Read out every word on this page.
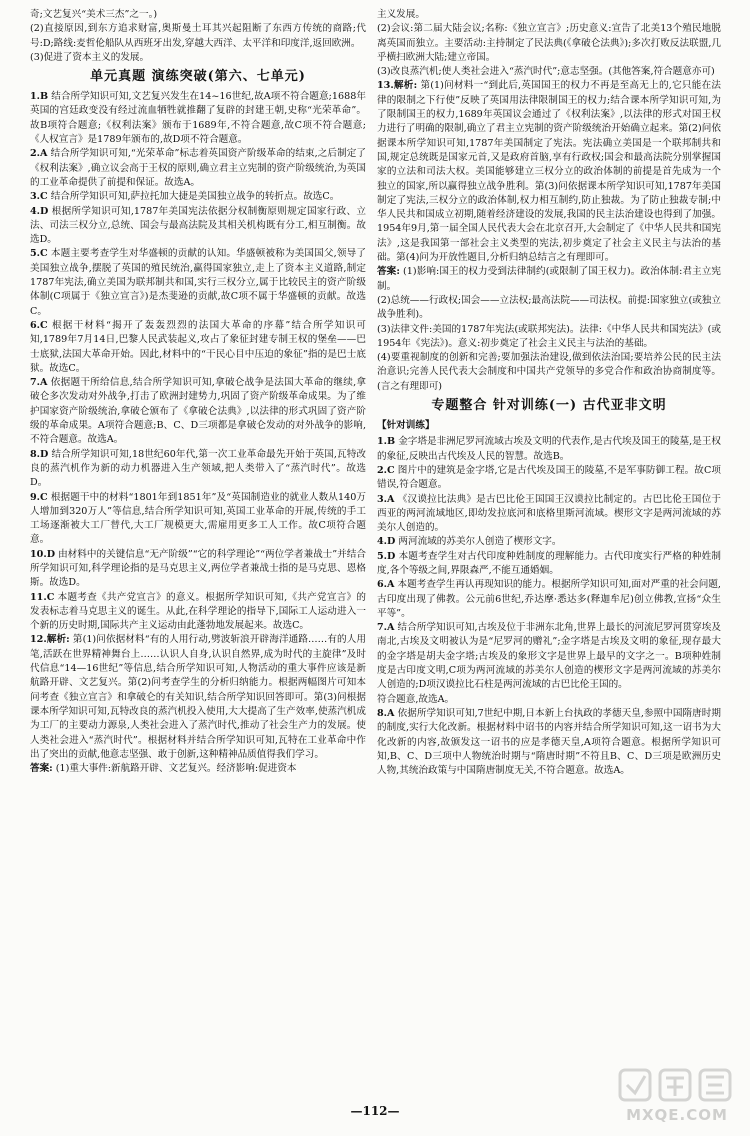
奇;文艺复兴“美术三杰”之一。)

(2)直接原因,到东方追求财富,奥斯曼土耳其兴起阻断了东西方传统的商路;代号:D;路线:麦哲伦船队从西班牙出发,穿越大西洋、太平洋和印度洋,返回欧洲。

(3)促进了资本主义的发展。

单元真题 演练突破(第六、七单元)

1.B 结合所学知识可知,文艺复兴发生在14~16世纪,故A项不符合题意;1688年英国的宫廷政变没有经过流血牺牲就推翻了复辟的封建王朝,史称“光荣革命”。故B项符合题意;《权利法案》颁布于1689年,不符合题意,故C项不符合题意;《人权宣言》是1789年颁布的,故D项不符合题意。

2.A 结合所学知识可知,“光荣革命”标志着英国资产阶级革命的结束,之后制定了《权利法案》,确立议会高于王权的原则,确立君主立宪制的资产阶级统治,为英国的工业革命提供了前提和保证。故选A。

3.C 结合所学知识可知,萨拉托加大捷是美国独立战争的转折点。故选C。

4.D 根据所学知识可知,1787年美国宪法依据分权制衡原则规定国家行政、立法、司法三权分立,总统、国会与最高法院及其相关机构既有分工,相互制衡。故选D。

5.C 本题主要考查学生对华盛顿的贡献的认知。华盛顿被称为美国国父,领导了美国独立战争,摆脱了英国的殖民统治,赢得国家独立,走上了资本主义道路,制定1787年宪法,确立美国为联邦制共和国,实行三权分立,属于比较民主的资产阶级体制(C项属于《独立宣言》)是杰斐逊的贡献,故C项不属于华盛顿的贡献。故选C。

6.C 根据干材料“揭开了轰轰烈烈的法国大革命的序幕”结合所学知识可知,1789年7月14日,巴黎人民武装起义,攻占了象征封建专制王权的堡垒——巴士底狱,法国大革命开始。因此,材料中的“干民心目中压迫的象征”指的是巴士底狱。故选C。

7.A 依据题干所给信息,结合所学知识可知,拿破仑战争是法国大革命的继续,拿破仑多次发动对外战争,打击了欧洲封建势力,巩固了资产阶级革命成果。为了维护国家资产阶级统治,拿破仑颁布了《拿破仑法典》,以法律的形式巩固了资产阶级的革命成果。A项符合题意;B、C、D三项都是拿破仑发动的对外战争的影响,不符合题意。故选A。

8.D 结合所学知识可知,18世纪60年代,第一次工业革命最先开始于英国,瓦特改良的蒸汽机作为新的动力机器进入生产领域,把人类带入了“蒸汽时代”。故选D。

9.C 根据题干中的材料“1801年到1851年”及“英国制造业的就业人数从140万人增加到320万人”等信息,结合所学知识可知,英国工业革命的开展,传统的手工工场逐渐被大工厂替代,大工厂规模更大,需雇用更多工人工作。故C项符合题意。

10.D 由材料中的关键信息“无产阶级”“它的科学理论”“两位学者兼战士”并结合所学知识可知,科学理论指的是马克思主义,两位学者兼战士指的是马克思、恩格斯。故选D。

11.C 本题考查《共产党宣言》的意义。根据所学知识可知,《共产党宣言》的发表标志着马克思主义的诞生。从此,在科学理论的指导下,国际工人运动进入一个新的历史时期,国际共产主义运动由此蓬勃地发展起来。故选C。

12.解析: 第(1)问依据材料“有的人用行动,劈波斩浪开辟海洋通路……有的人用笔,活跃在世界精神舞台上……认识人自身,认识自然界,成为时代的主旋律”及时代信息“14—16世纪”等信息,结合所学知识可知,人物活动的重大事件应该是新航路开辟、文艺复兴。第(2)问考查学生的分析归纳能力。根据两幅图片可知本问考查《独立宣言》和拿破仑的有关知识,结合所学知识回答即可。第(3)问根据课本所学知识可知,瓦特改良的蒸汽机投入使用,大大提高了生产效率,使蒸汽机成为工厂的主要动力源泉,人类社会进入了蒸汽时代,推动了社会生产力的发展。使人类社会进入“蒸汽时代”。根据材料并结合所学知识可知,瓦特在工业革命中作出了突出的贡献,他意志坚强、敢于创新,这种精神品质值得我们学习。

答案: (1)重大事件:新航路开辟、文艺复兴。经济影响:促进资本

主义发展。

(2)会议:第二届大陆会议;名称:《独立宣言》;历史意义:宣告了北美13个殖民地脱离英国而独立。主要活动:主持制定了民法典(《拿破仑法典》);多次打败反法联盟,几乎横扫欧洲大陆;建立帝国。

(3)改良蒸汽机;使人类社会进入“蒸汽时代”;意志坚强。(其他答案,符合题意亦可)

13.解析: 第(1)问材料一“到此后,英国国王的权力不再是至高无上的,它只能在法律的限制之下行使”反映了英国用法律限制国王的权力;结合课本所学知识可知,为了限制国王的权力,1689年英国议会通过了《权利法案》,以法律的形式对国王权力进行了明确的限制,确立了君主立宪制的资产阶级统治开始确立起来。第(2)问依据课本所学知识可知,1787年美国制定了宪法。宪法确立美国是一个联邦制共和国,规定总统既是国家元首,又是政府首脑,享有行政权;国会和最高法院分别掌握国家的立法和司法大权。美国能够建立三权分立的政治体制的前提是首先成为一个独立的国家,所以赢得独立战争胜利。第(3)问依据课本所学知识可知,1787年美国制定了宪法,三权分立的政治体制,权力相互制约,防止独裁。为了防止独裁专制;中华人民共和国成立初期,随着经济建设的发展,我国的民主法治建设也得到了加强。1954年9月,第一届全国人民代表大会在北京召开,大会制定了《中华人民共和国宪法》,这是我国第一部社会主义类型的宪法,初步奠定了社会主义民主与法治的基础。第(4)问为开放性题目,分析归纳总结言之有理即可。

答案: (1)影响:国王的权力受到法律制约(或限制了国王权力)。政治体制:君主立宪制。

(2)总统——行政权;国会——立法权;最高法院——司法权。前提:国家独立(或独立战争胜利)。

(3)法律文件:美国的1787年宪法(或联邦宪法)。法律:《中华人民共和国宪法》(或1954年《宪法》)。意义:初步奠定了社会主义民主与法治的基础。

(4)要重视制度的创新和完善;要加强法治建设,做到依法治国;要培养公民的民主法治意识;完善人民代表大会制度和中国共产党领导的多党合作和政治协商制度等。(言之有理即可)

专题整合 针对训练(一) 古代亚非文明

【针对训练】

1.B 金字塔是非洲尼罗河流域古埃及文明的代表作,是古代埃及国王的陵墓,是王权的象征,反映出古代埃及人民的智慧。故选B。

2.C 图片中的建筑是金字塔,它是古代埃及国王的陵墓,不是军事防御工程。故C项错误,符合题意。

3.A 《汉谟拉比法典》是古巴比伦王国国王汉谟拉比制定的。古巴比伦王国位于西亚的两河流域地区,即幼发拉底河和底格里斯河流域。楔形文字是两河流域的苏美尔人创造的。

4.D 两河流域的苏美尔人创造了楔形文字。

5.D 本题考查学生对古代印度种姓制度的理解能力。古代印度实行严格的种姓制度,各个等级之间,界限森严,不能互通婚姻。

6.A 本题考查学生再认再现知识的能力。根据所学知识可知,面对严重的社会问题,古印度出现了佛教。公元前6世纪,乔达摩·悉达多(释迦牟尼)创立佛教,宣扬“众生平等”。

7.A 结合所学知识可知,古埃及位于非洲东北角,世界上最长的河流尼罗河贯穿埃及南北,古埃及文明被认为是“尼罗河的赠礼”;金字塔是古埃及文明的象征,现存最大的金字塔是胡夫金字塔;古埃及的象形文字是世界上最早的文字之一。B项种姓制度是古印度文明,C项为两河流域的苏美尔人创造的楔形文字是两河流域的苏美尔人创造的;D项汉谟拉比石柱是两河流域的古巴比伦王国的。

符合题意,故选A。

8.A 依据所学知识可知,7世纪中期,日本新上台执政的孝德天皇,参照中国隋唐时期的制度,实行大化改新。根据材料中诏书的内容并结合所学知识可知,这一诏书为大化改新的内容,故颁发这一诏书的应是孝德天皇,A项符合题意。根据所学知识可知,B、C、D三项中人物统治时期与“隋唐时期”不符且B、C、D三项是欧洲历史人物,其统治政策与中国隋唐制度无关,不符合题意。故选A。

—112—	MXQE.COM
